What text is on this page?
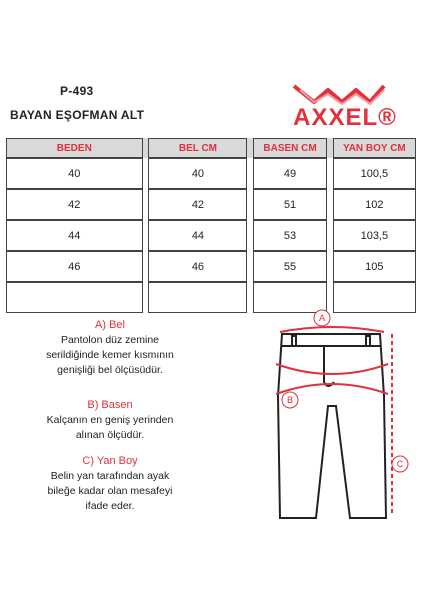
P-493
BAYAN EŞOFMAN ALT	AXXEL®
BEDEN		BEL CM		BASEN CM		YAN BOY CM
40		40		49		100,5
42		42		51		102
44		44		53		103,5
46		46		55		105

A) Bel
Pantolon düz zemine
serildiğinde kemer kısmının
genişliği bel ölçüsüdür.
B) Basen
Kalçanın en geniş yerinden
alınan ölçüdür.
C) Yan Boy
Belin yan tarafından ayak
bileğe kadar olan mesafeyi
ifade eder.
A
B
C
